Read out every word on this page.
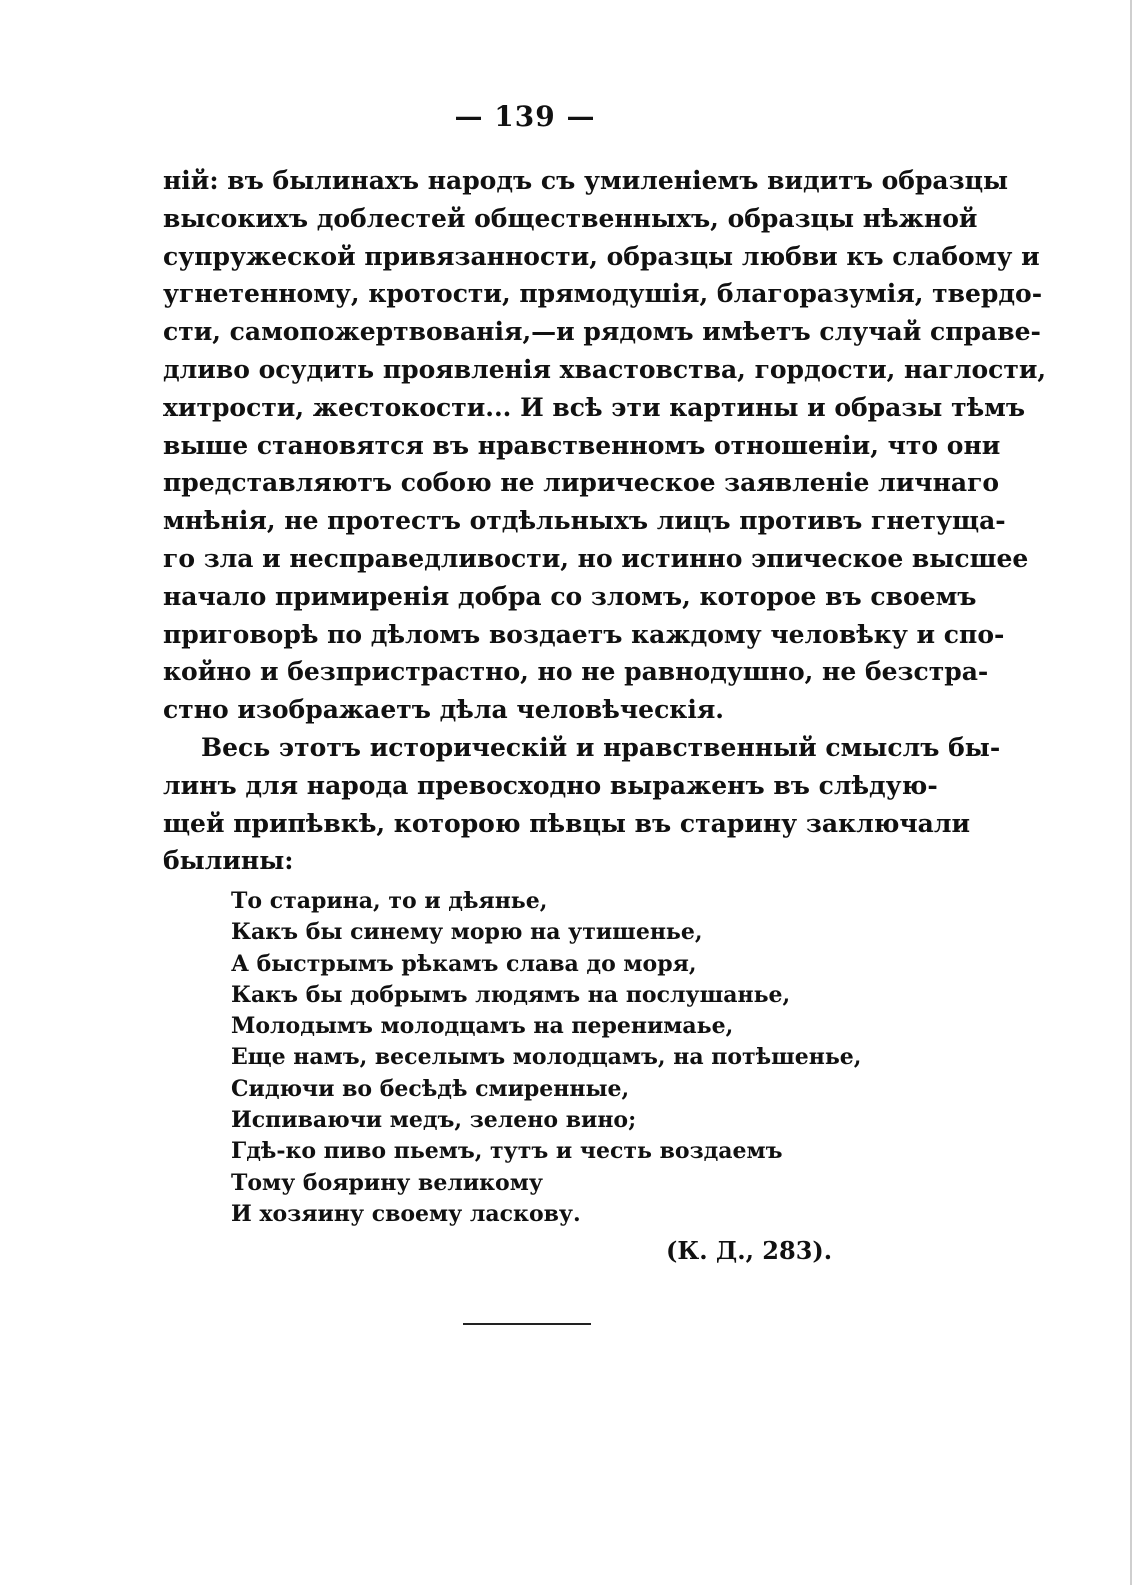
— 139 —
ній: въ былинахъ народъ съ умиленіемъ видитъ образцы
высокихъ доблестей общественныхъ, образцы нѣжной
супружеской привязанности, образцы любви къ слабому и
угнетенному, кротости, прямодушія, благоразумія, твердо-
сти, самопожертвованія,—и рядомъ имѣетъ случай справе-
дливо осудить проявленія хвастовства, гордости, наглости,
хитрости, жестокости... И всѣ эти картины и образы тѣмъ
выше становятся въ нравственномъ отношеніи, что они
представляютъ собою не лирическое заявленіе личнаго
мнѣнія, не протестъ отдѣльныхъ лицъ противъ гнетуща-
го зла и несправедливости, но истинно эпическое высшее
начало примиренія добра со зломъ, которое въ своемъ
приговорѣ по дѣломъ воздаетъ каждому человѣку и спо-
койно и безпристрастно, но не равнодушно, не безстра-
стно изображаетъ дѣла человѣческія.
Весь этотъ историческій и нравственный смыслъ бы-
линъ для народа превосходно выраженъ въ слѣдую-
щей припѣвкѣ, которою пѣвцы въ старину заключали
былины:
То старина, то и дѣянье,
Какъ бы синему морю на утишенье,
А быстрымъ рѣкамъ слава до моря,
Какъ бы добрымъ людямъ на послушанье,
Молодымъ молодцамъ на перенимаье,
Еще намъ, веселымъ молодцамъ, на потѣшенье,
Сидючи во бесѣдѣ смиренные,
Испиваючи медъ, зелено вино;
Гдѣ-ко пиво пьемъ, тутъ и честь воздаемъ
Тому боярину великому
И хозяину своему ласкову.
(К. Д., 283).
